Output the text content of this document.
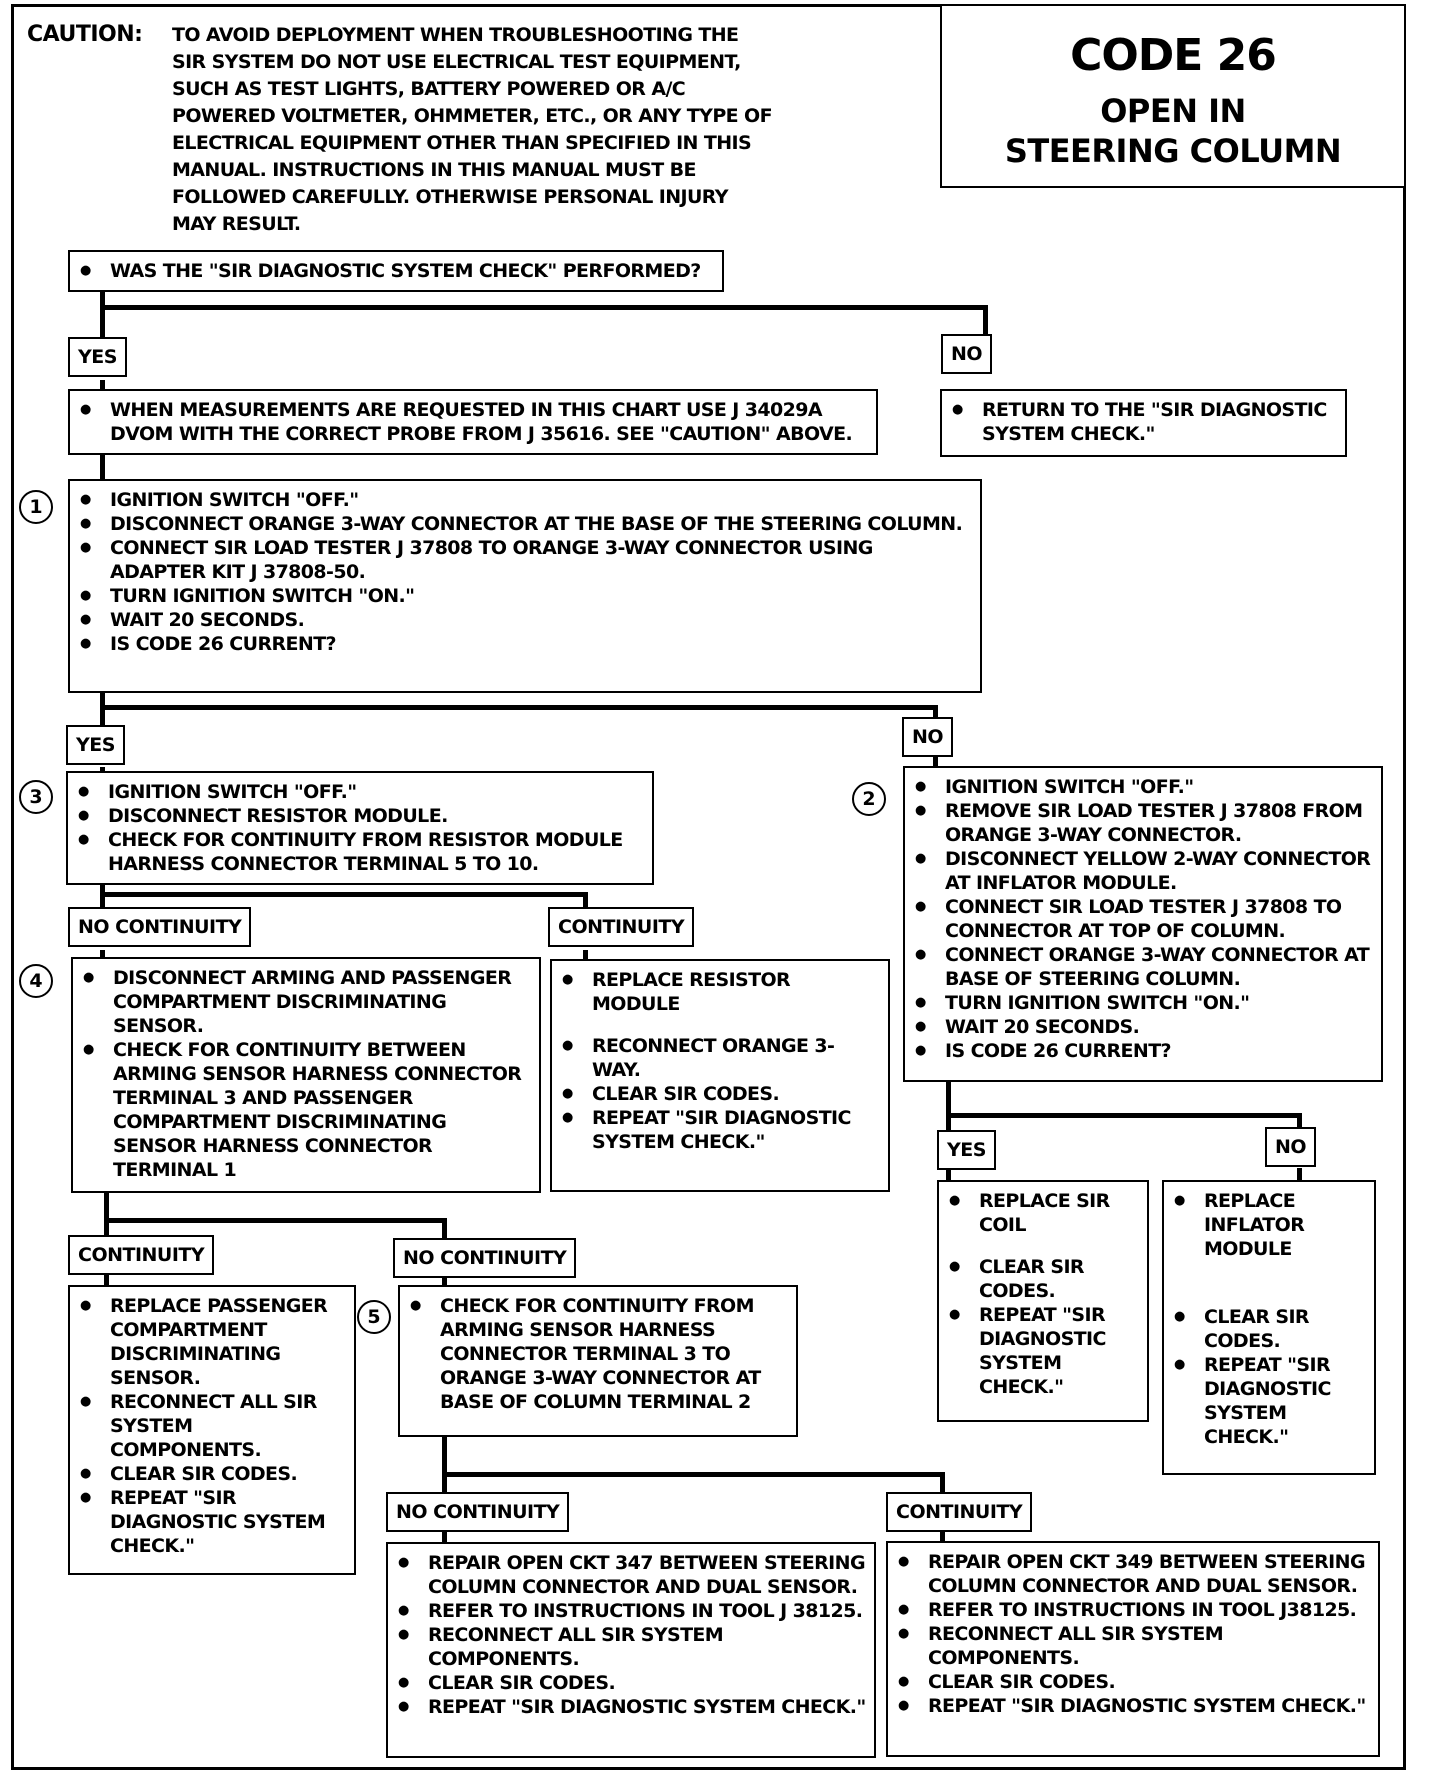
CAUTION: TO AVOID DEPLOYMENT WHEN TROUBLESHOOTING THE SIR SYSTEM DO NOT USE ELECTRICAL TEST EQUIPMENT, SUCH AS TEST LIGHTS, BATTERY POWERED OR A/C POWERED VOLTMETER, OHMMETER, ETC., OR ANY TYPE OF ELECTRICAL EQUIPMENT OTHER THAN SPECIFIED IN THIS MANUAL. INSTRUCTIONS IN THIS MANUAL MUST BE FOLLOWED CAREFULLY. OTHERWISE PERSONAL INJURY MAY RESULT.
CODE 26
OPEN IN
STEERING COLUMN
● WAS THE "SIR DIAGNOSTIC SYSTEM CHECK" PERFORMED?
YES	NO
● WHEN MEASUREMENTS ARE REQUESTED IN THIS CHART USE J 34029A DVOM WITH THE CORRECT PROBE FROM J 35616. SEE "CAUTION" ABOVE.
● RETURN TO THE "SIR DIAGNOSTIC SYSTEM CHECK."
1	● IGNITION SWITCH "OFF."
● DISCONNECT ORANGE 3-WAY CONNECTOR AT THE BASE OF THE STEERING COLUMN.
● CONNECT SIR LOAD TESTER J 37808 TO ORANGE 3-WAY CONNECTOR USING ADAPTER KIT J 37808-50.
● TURN IGNITION SWITCH "ON."
● WAIT 20 SECONDS.
● IS CODE 26 CURRENT?
YES	NO
3	● IGNITION SWITCH "OFF."
● DISCONNECT RESISTOR MODULE.
● CHECK FOR CONTINUITY FROM RESISTOR MODULE HARNESS CONNECTOR TERMINAL 5 TO 10.
2
● IGNITION SWITCH "OFF."
● REMOVE SIR LOAD TESTER J 37808 FROM ORANGE 3-WAY CONNECTOR.
● DISCONNECT YELLOW 2-WAY CONNECTOR AT INFLATOR MODULE.
● CONNECT SIR LOAD TESTER J 37808 TO CONNECTOR AT TOP OF COLUMN.
● CONNECT ORANGE 3-WAY CONNECTOR AT BASE OF STEERING COLUMN.
● TURN IGNITION SWITCH "ON."
● WAIT 20 SECONDS.
● IS CODE 26 CURRENT?
NO CONTINUITY	CONTINUITY
4	● DISCONNECT ARMING AND PASSENGER COMPARTMENT DISCRIMINATING SENSOR.
● CHECK FOR CONTINUITY BETWEEN ARMING SENSOR HARNESS CONNECTOR TERMINAL 3 AND PASSENGER COMPARTMENT DISCRIMINATING SENSOR HARNESS CONNECTOR TERMINAL 1
● REPLACE RESISTOR MODULE
● RECONNECT ORANGE 3-WAY.
● CLEAR SIR CODES.
● REPEAT "SIR DIAGNOSTIC SYSTEM CHECK."	YES	NO
● REPLACE SIR COIL
● CLEAR SIR CODES.
● REPEAT "SIR DIAGNOSTIC SYSTEM CHECK."
● REPLACE INFLATOR MODULE
● CLEAR SIR CODES.
● REPEAT "SIR DIAGNOSTIC SYSTEM CHECK."
CONTINUITY	NO CONTINUITY
● REPLACE PASSENGER COMPARTMENT DISCRIMINATING SENSOR.
● RECONNECT ALL SIR SYSTEM COMPONENTS.
● CLEAR SIR CODES.
● REPEAT "SIR DIAGNOSTIC SYSTEM CHECK."
5	● CHECK FOR CONTINUITY FROM ARMING SENSOR HARNESS CONNECTOR TERMINAL 3 TO ORANGE 3-WAY CONNECTOR AT BASE OF COLUMN TERMINAL 2
NO CONTINUITY	CONTINUITY
● REPAIR OPEN CKT 347 BETWEEN STEERING COLUMN CONNECTOR AND DUAL SENSOR.
● REFER TO INSTRUCTIONS IN TOOL J 38125.
● RECONNECT ALL SIR SYSTEM COMPONENTS.
● CLEAR SIR CODES.
● REPEAT "SIR DIAGNOSTIC SYSTEM CHECK."
● REPAIR OPEN CKT 349 BETWEEN STEERING COLUMN CONNECTOR AND DUAL SENSOR.
● REFER TO INSTRUCTIONS IN TOOL J38125.
● RECONNECT ALL SIR SYSTEM COMPONENTS.
● CLEAR SIR CODES.
● REPEAT "SIR DIAGNOSTIC SYSTEM CHECK."
